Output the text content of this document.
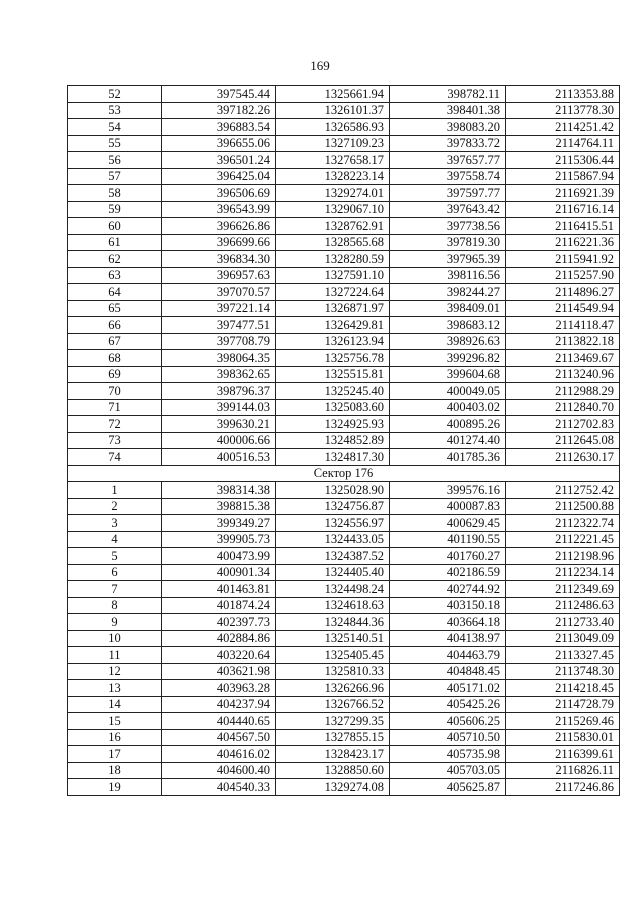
169
52	397545.44	1325661.94	398782.11	2113353.88
53	397182.26	1326101.37	398401.38	2113778.30
54	396883.54	1326586.93	398083.20	2114251.42
55	396655.06	1327109.23	397833.72	2114764.11
56	396501.24	1327658.17	397657.77	2115306.44
57	396425.04	1328223.14	397558.74	2115867.94
58	396506.69	1329274.01	397597.77	2116921.39
59	396543.99	1329067.10	397643.42	2116716.14
60	396626.86	1328762.91	397738.56	2116415.51
61	396699.66	1328565.68	397819.30	2116221.36
62	396834.30	1328280.59	397965.39	2115941.92
63	396957.63	1327591.10	398116.56	2115257.90
64	397070.57	1327224.64	398244.27	2114896.27
65	397221.14	1326871.97	398409.01	2114549.94
66	397477.51	1326429.81	398683.12	2114118.47
67	397708.79	1326123.94	398926.63	2113822.18
68	398064.35	1325756.78	399296.82	2113469.67
69	398362.65	1325515.81	399604.68	2113240.96
70	398796.37	1325245.40	400049.05	2112988.29
71	399144.03	1325083.60	400403.02	2112840.70
72	399630.21	1324925.93	400895.26	2112702.83
73	400006.66	1324852.89	401274.40	2112645.08
74	400516.53	1324817.30	401785.36	2112630.17
Сектор 176				
1	398314.38	1325028.90	399576.16	2112752.42
2	398815.38	1324756.87	400087.83	2112500.88
3	399349.27	1324556.97	400629.45	2112322.74
4	399905.73	1324433.05	401190.55	2112221.45
5	400473.99	1324387.52	401760.27	2112198.96
6	400901.34	1324405.40	402186.59	2112234.14
7	401463.81	1324498.24	402744.92	2112349.69
8	401874.24	1324618.63	403150.18	2112486.63
9	402397.73	1324844.36	403664.18	2112733.40
10	402884.86	1325140.51	404138.97	2113049.09
11	403220.64	1325405.45	404463.79	2113327.45
12	403621.98	1325810.33	404848.45	2113748.30
13	403963.28	1326266.96	405171.02	2114218.45
14	404237.94	1326766.52	405425.26	2114728.79
15	404440.65	1327299.35	405606.25	2115269.46
16	404567.50	1327855.15	405710.50	2115830.01
17	404616.02	1328423.17	405735.98	2116399.61
18	404600.40	1328850.60	405703.05	2116826.11
19	404540.33	1329274.08	405625.87	2117246.86
